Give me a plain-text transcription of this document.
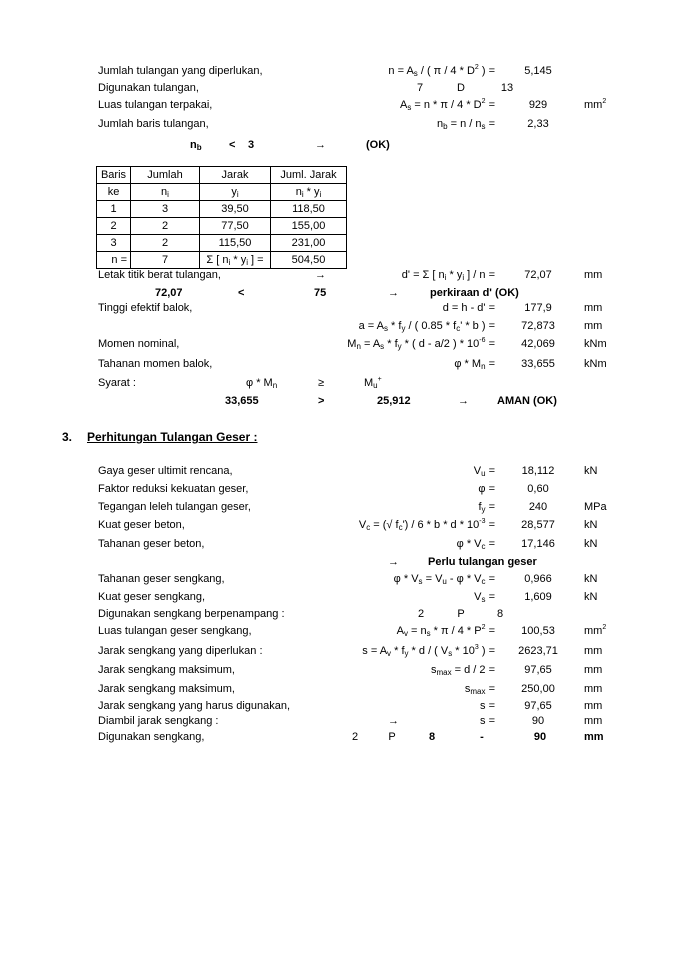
Jumlah tulangan yang diperlukan,	$n = A_s$ / ( π / $4 * D^2$ ) =	5,145
Digunakan tulangan,	7	D	13
Luas tulangan terpakai,	$A_s = n * \pi / 4 * D^2$ =	929	$mm^2$
Jumlah baris tulangan,	$n_b = n / n_s$ =	2,33
$n_b < 3$	→	(OK)
Baris	Jumlah	Jarak	Juml. Jarak
ke	$n_i$	$y_i$	$n_i * y_i$
1	3	39,50	118,50
2	2	77,50	155,00
3	2	115,50	231,00
n =	7	Σ [ $n_i * y_i$ ] =	504,50
Letak titik berat tulangan,	→	d' = Σ [ $n_i * y_i$ ] / n =	72,07	mm
72,07	<	75	→	perkiraan d' (OK)
Tinggi efektif balok,	d = h - d' =	177,9	mm
$a = A_s * f_y$ / ( $0.85 * f_c'$ * b ) =	72,873	mm
Momen nominal,	$M_n = A_s * f_y$ * ( d - a/2 ) * $10^{-6}$ =	42,069	kNm
Tahanan momen balok,	φ * $M_n$ =	33,655	kNm
Syarat :	φ * $M_n$	≥	$M_u^+$
33,655	>	25,912	→	AMAN (OK)
3. Perhitungan Tulangan Geser :
Gaya geser ultimit rencana,	$V_u$ =	18,112	kN
Faktor reduksi kekuatan geser,	φ =	0,60
Tegangan leleh tulangan geser,	$f_y$ =	240	MPa
Kuat geser beton,	$V_c$ = (√ $f_c') / 6$ * b * d * $10^{-3}$ =	28,577	kN
Tahanan geser beton,	φ * $V_c$ =	17,146	kN
→	Perlu tulangan geser
Tahanan geser sengkang,	$\varphi * V_s = V_u - \varphi * V_c$ =	0,966	kN
Kuat geser sengkang,	$V_s$ =	1,609	kN
Digunakan sengkang berpenampang :	2	P	8
Luas tulangan geser sengkang,	$A_v = n_s * \pi / 4 * P^2$ =	100,53	$mm^2$
Jarak sengkang yang diperlukan :	$s = A_v * f_y * d$ / ( $V_s * 10^3$ ) =	2623,71	mm
Jarak sengkang maksimum,	$s_{max} = d / 2$ =	97,65	mm
Jarak sengkang maksimum,	$s_{max}$ =	250,00	mm
Jarak sengkang yang harus digunakan,	s =	97,65	mm
Diambil jarak sengkang :	→	s =	90	mm
Digunakan sengkang,	2	P	8	-	90	mm
